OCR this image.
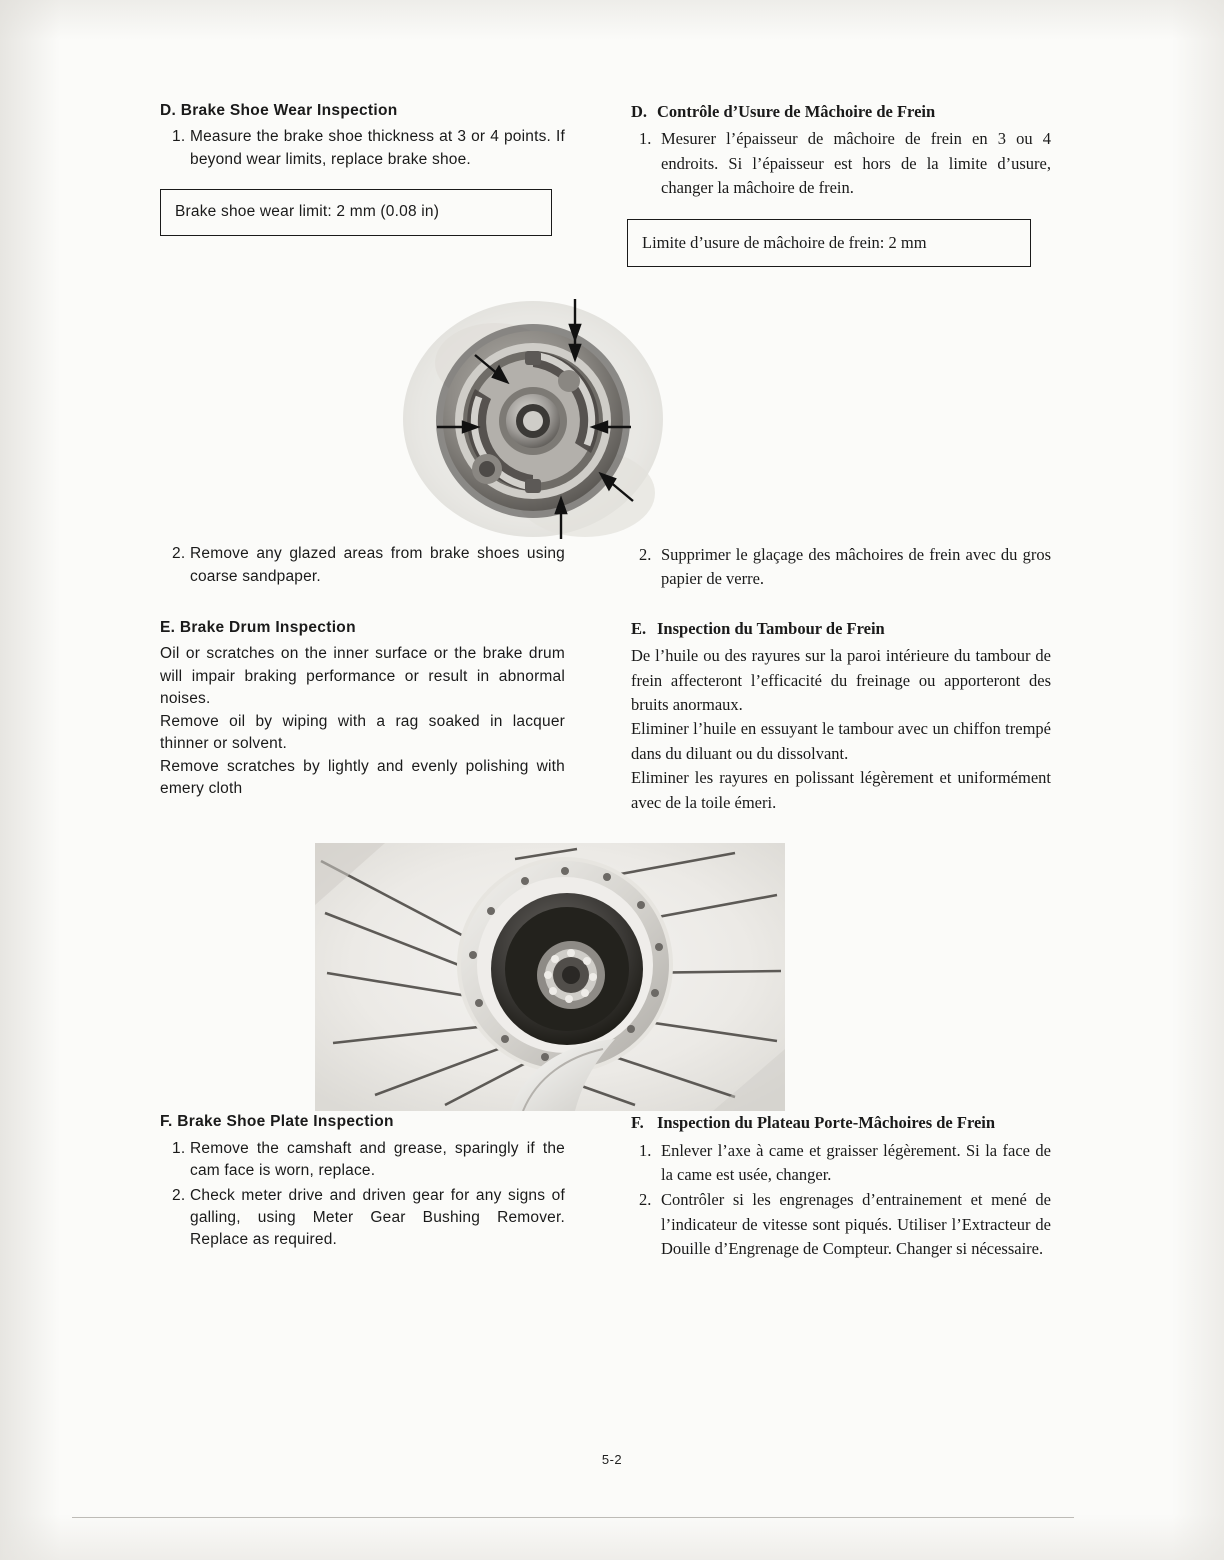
D. Brake Shoe Wear Inspection
1. Measure the brake shoe thickness at 3 or 4 points. If beyond wear limits, replace brake shoe.
Brake shoe wear limit: 2 mm (0.08 in)
D. Contrôle d’Usure de Mâchoire de Frein
1. Mesurer l’épaisseur de mâchoire de frein en 3 ou 4 endroits. Si l’épaisseur est hors de la limite d’usure, changer la mâchoire de frein.
Limite d’usure de mâchoire de frein: 2 mm
2. Remove any glazed areas from brake shoes using coarse sandpaper.
2. Supprimer le glaçage des mâchoires de frein avec du gros papier de verre.
E. Brake Drum Inspection
Oil or scratches on the inner surface or the brake drum will impair braking performance or result in abnormal noises.
Remove oil by wiping with a rag soaked in lacquer thinner or solvent.
Remove scratches by lightly and evenly polishing with emery cloth
E. Inspection du Tambour de Frein
De l’huile ou des rayures sur la paroi intérieure du tambour de frein affecteront l’efficacité du freinage ou apporteront des bruits anormaux.
Eliminer l’huile en essuyant le tambour avec un chiffon trempé dans du diluant ou du dissolvant.
Eliminer les rayures en polissant légèrement et uniformément avec de la toile émeri.
F. Brake Shoe Plate Inspection
1. Remove the camshaft and grease, sparingly if the cam face is worn, replace.
2. Check meter drive and driven gear for any signs of galling, using Meter Gear Bushing Remover. Replace as required.
F. Inspection du Plateau Porte-Mâchoires de Frein
1. Enlever l’axe à came et graisser légèrement. Si la face de la came est usée, changer.
2. Contrôler si les engrenages d’entrainement et mené de l’indicateur de vitesse sont piqués. Utiliser l’Extracteur de Douille d’Engrenage de Compteur. Changer si nécessaire.
5-2
